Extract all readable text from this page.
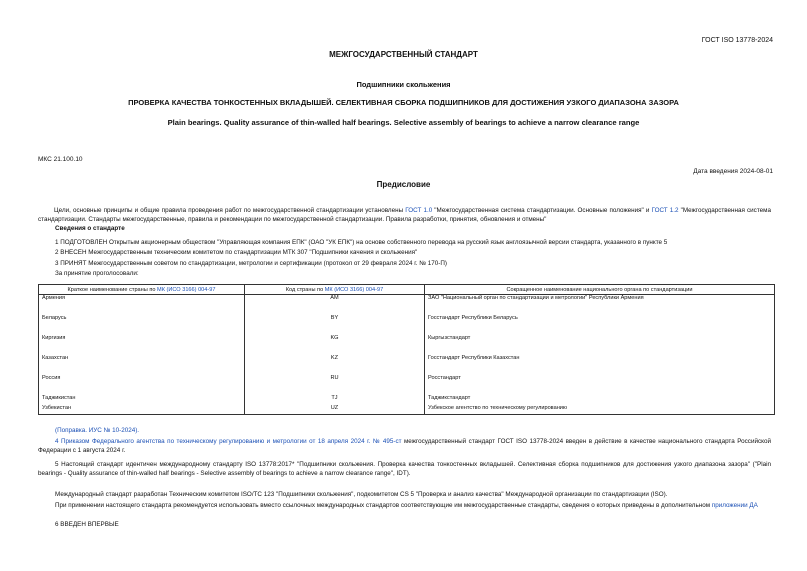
ГОСТ ISO 13778-2024
МЕЖГОСУДАРСТВЕННЫЙ СТАНДАРТ
Подшипники скольжения
ПРОВЕРКА КАЧЕСТВА ТОНКОСТЕННЫХ ВКЛАДЫШЕЙ. СЕЛЕКТИВНАЯ СБОРКА ПОДШИПНИКОВ ДЛЯ ДОСТИЖЕНИЯ УЗКОГО ДИАПАЗОНА ЗАЗОРА
Plain bearings. Quality assurance of thin-walled half bearings. Selective assembly of bearings to achieve a narrow clearance range
МКС 21.100.10
Дата введения 2024-08-01
Предисловие
Цели, основные принципы и общие правила проведения работ по межгосударственной стандартизации установлены ГОСТ 1.0 "Межгосударственная система стандартизации. Основные положения" и ГОСТ 1.2 "Межгосударственная система стандартизации. Стандарты межгосударственные, правила и рекомендации по межгосударственной стандартизации. Правила разработки, принятия, обновления и отмены"
Сведения о стандарте
1 ПОДГОТОВЛЕН Открытым акционерным обществом "Управляющая компания ЕПК" (ОАО "УК ЕПК") на основе собственного перевода на русский язык англоязычной версии стандарта, указанного в пункте 5
2 ВНЕСЕН Межгосударственным техническим комитетом по стандартизации МТК 307 "Подшипники качения и скольжения"
3 ПРИНЯТ Межгосударственным советом по стандартизации, метрологии и сертификации (протокол от 29 февраля 2024 г. № 170-П)
За принятие проголосовали:
Краткое наименование страны по МК (ИСО 3166) 004-97	Код страны по МК (ИСО 3166) 004-97	Сокращенное наименование национального органа по стандартизации
Армения	AM	ЗАО "Национальный орган по стандартизации и метрологии" Республики Армения
Беларусь	BY	Госстандарт Республики Беларусь
Киргизия	KG	Кыргызстандарт
Казахстан	KZ	Госстандарт Республики Казахстан
Россия	RU	Росстандарт
Таджикистан	TJ	Таджикстандарт
Узбекистан	UZ	Узбекское агентство по техническому регулированию
(Поправка. ИУС № 10-2024).
4 Приказом Федерального агентства по техническому регулированию и метрологии от 18 апреля 2024 г. № 495-ст межгосударственный стандарт ГОСТ ISO 13778-2024 введен в действие в качестве национального стандарта Российской Федерации с 1 августа 2024 г.
5 Настоящий стандарт идентичен международному стандарту ISO 13778:2017* "Подшипники скольжения. Проверка качества тонкостенных вкладышей. Селективная сборка подшипников для достижения узкого диапазона зазора" ("Plain bearings - Quality assurance of thin-walled half bearings - Selective assembly of bearings to achieve a narrow clearance range", IDT).
Международный стандарт разработан Техническим комитетом ISO/TC 123 "Подшипники скольжения", подкомитетом CS 5 "Проверка и анализ качества" Международной организации по стандартизации (ISO).
При применении настоящего стандарта рекомендуется использовать вместо ссылочных международных стандартов соответствующие им межгосударственные стандарты, сведения о которых приведены в дополнительном приложении ДА
6 ВВЕДЕН ВПЕРВЫЕ
